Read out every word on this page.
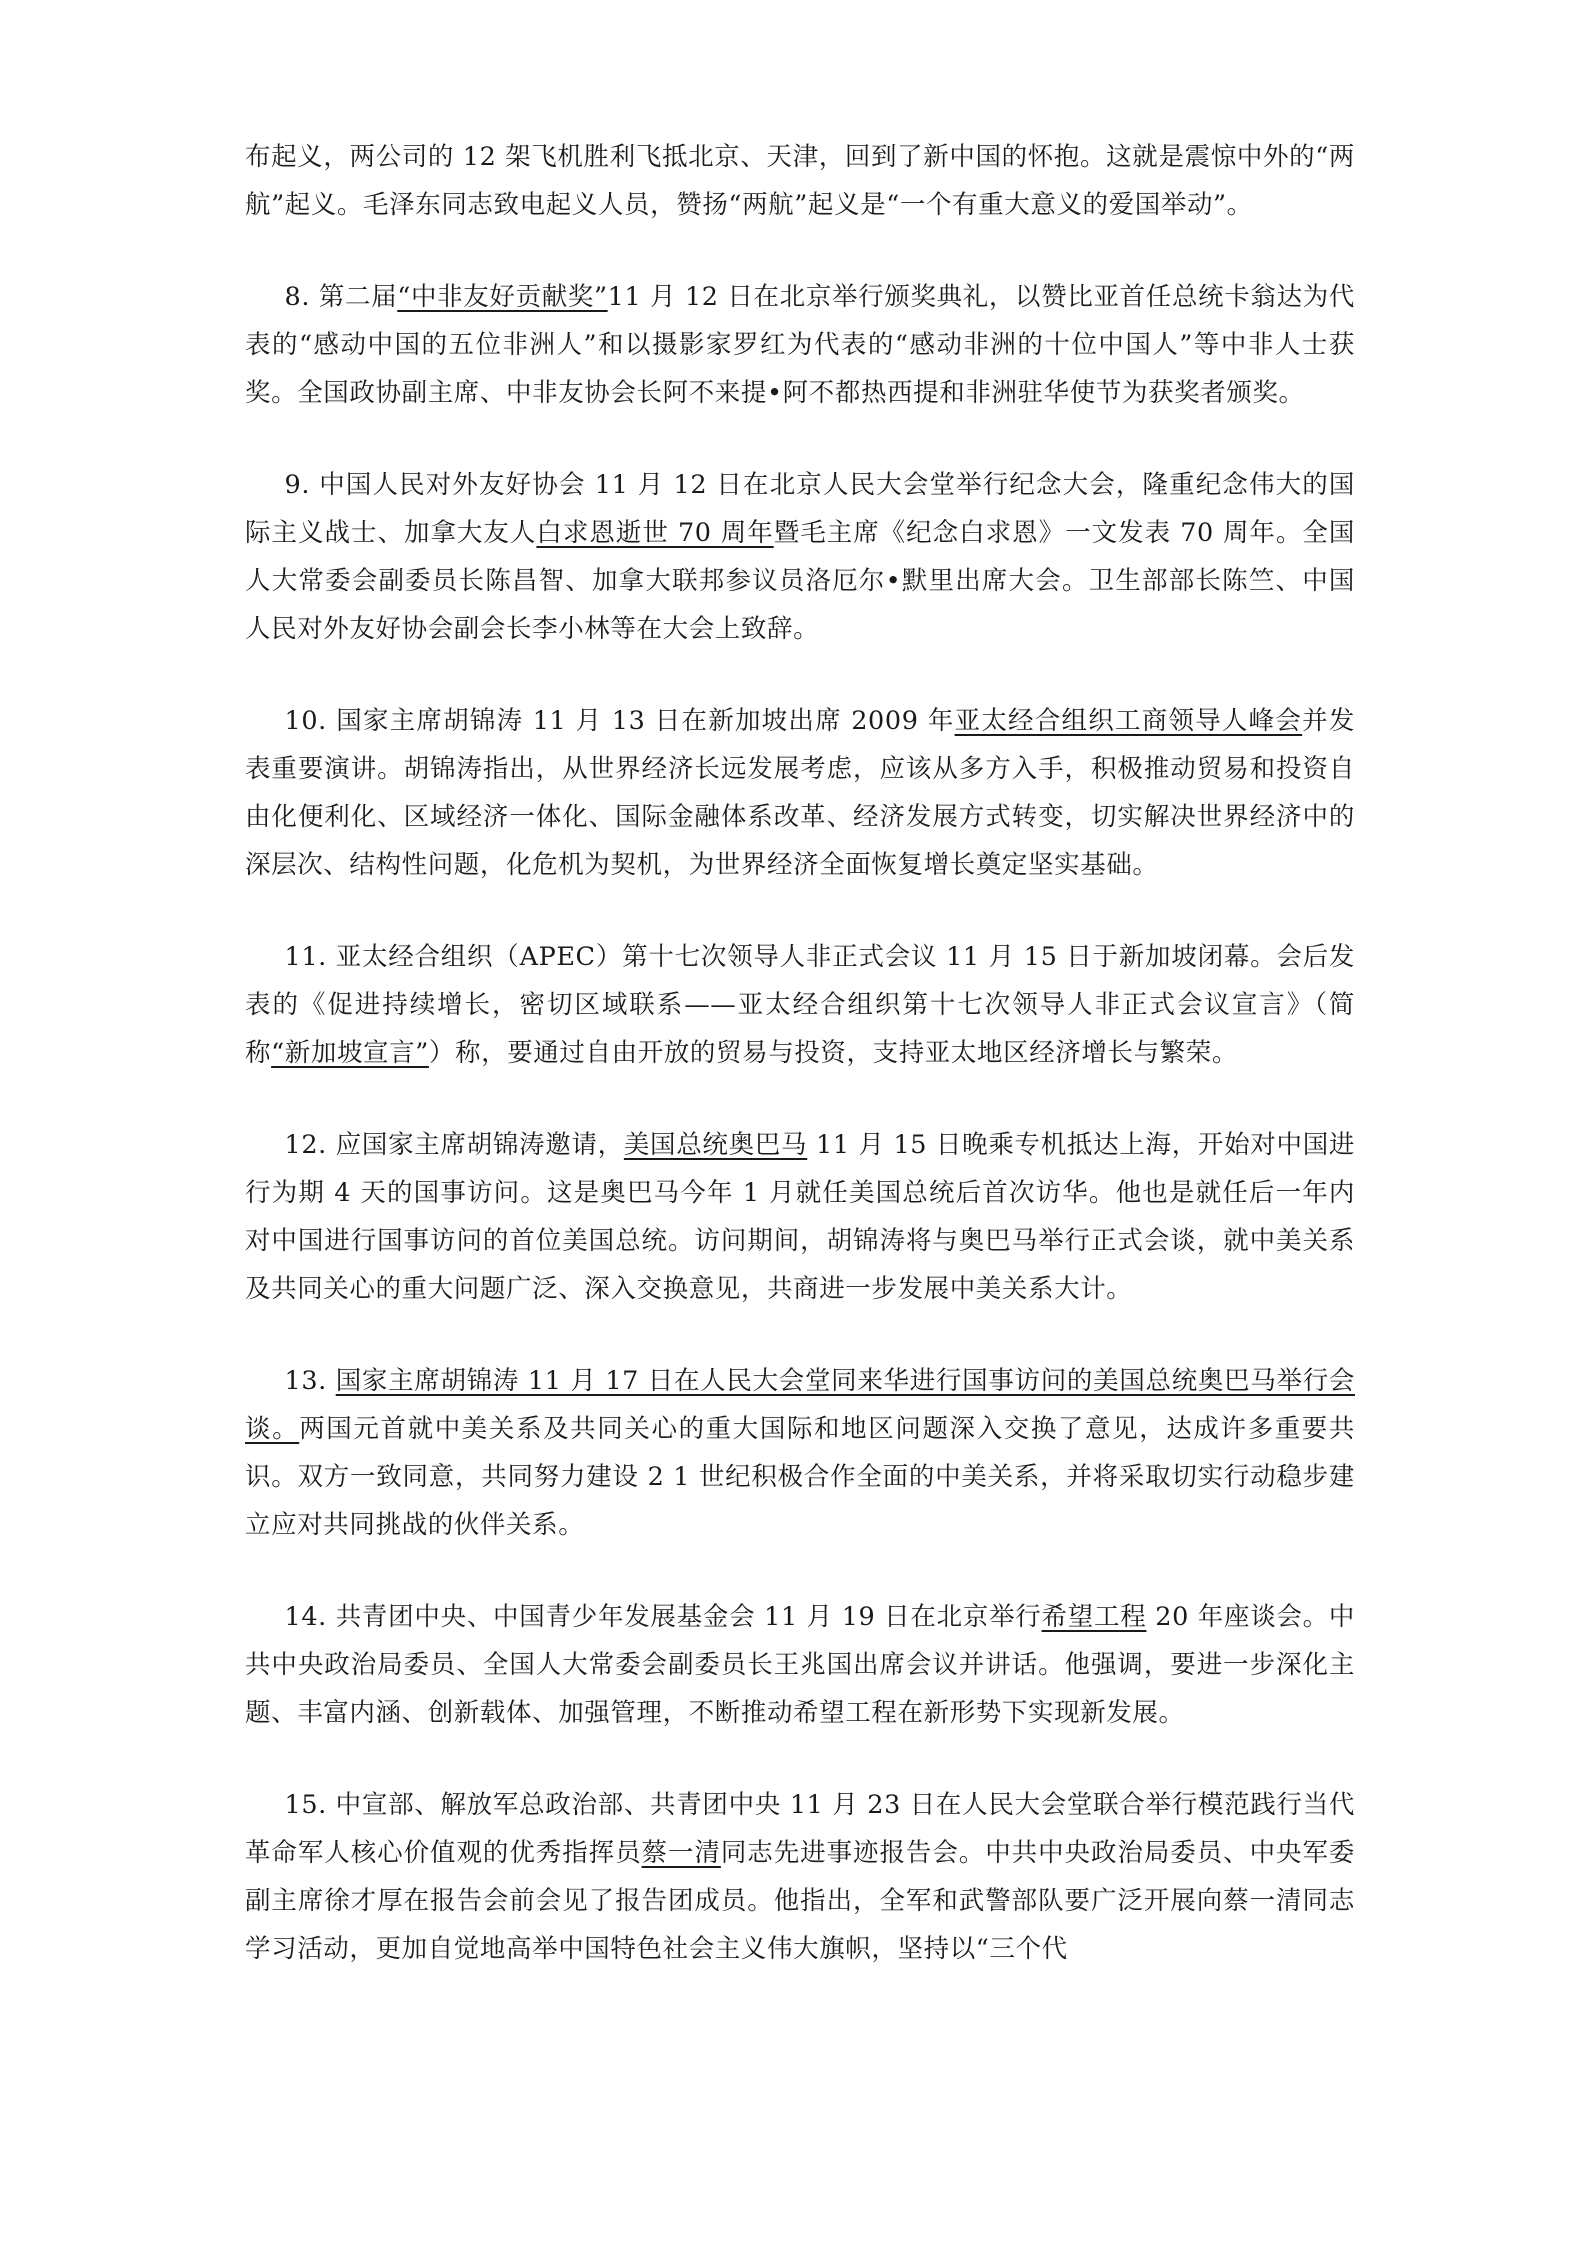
布起义，两公司的 12 架飞机胜利飞抵北京、天津，回到了新中国的怀抱。这就是震惊中外的“两航”起义。毛泽东同志致电起义人员，赞扬“两航”起义是“一个有重大意义的爱国举动”。

8. 第二届“中非友好贡献奖”11 月 12 日在北京举行颁奖典礼，以赞比亚首任总统卡翁达为代表的“感动中国的五位非洲人”和以摄影家罗红为代表的“感动非洲的十位中国人”等中非人士获奖。全国政协副主席、中非友协会长阿不来提•阿不都热西提和非洲驻华使节为获奖者颁奖。

9. 中国人民对外友好协会 11 月 12 日在北京人民大会堂举行纪念大会，隆重纪念伟大的国际主义战士、加拿大友人白求恩逝世 70 周年暨毛主席《纪念白求恩》一文发表 70 周年。全国人大常委会副委员长陈昌智、加拿大联邦参议员洛厄尔•默里出席大会。卫生部部长陈竺、中国人民对外友好协会副会长李小林等在大会上致辞。

10. 国家主席胡锦涛 11 月 13 日在新加坡出席 2009 年亚太经合组织工商领导人峰会并发表重要演讲。胡锦涛指出，从世界经济长远发展考虑，应该从多方入手，积极推动贸易和投资自由化便利化、区域经济一体化、国际金融体系改革、经济发展方式转变，切实解决世界经济中的深层次、结构性问题，化危机为契机，为世界经济全面恢复增长奠定坚实基础。

11. 亚太经合组织（APEC）第十七次领导人非正式会议 11 月 15 日于新加坡闭幕。会后发表的《促进持续增长，密切区域联系——亚太经合组织第十七次领导人非正式会议宣言》（简称“新加坡宣言”）称，要通过自由开放的贸易与投资，支持亚太地区经济增长与繁荣。

12. 应国家主席胡锦涛邀请，美国总统奥巴马 11 月 15 日晚乘专机抵达上海，开始对中国进行为期 4 天的国事访问。这是奥巴马今年 1 月就任美国总统后首次访华。他也是就任后一年内对中国进行国事访问的首位美国总统。访问期间，胡锦涛将与奥巴马举行正式会谈，就中美关系及共同关心的重大问题广泛、深入交换意见，共商进一步发展中美关系大计。

13. 国家主席胡锦涛 11 月 17 日在人民大会堂同来华进行国事访问的美国总统奥巴马举行会谈。两国元首就中美关系及共同关心的重大国际和地区问题深入交换了意见，达成许多重要共识。双方一致同意，共同努力建设 2 1 世纪积极合作全面的中美关系，并将采取切实行动稳步建立应对共同挑战的伙伴关系。

14. 共青团中央、中国青少年发展基金会 11 月 19 日在北京举行希望工程 20 年座谈会。中共中央政治局委员、全国人大常委会副委员长王兆国出席会议并讲话。他强调，要进一步深化主题、丰富内涵、创新载体、加强管理，不断推动希望工程在新形势下实现新发展。

15. 中宣部、解放军总政治部、共青团中央 11 月 23 日在人民大会堂联合举行模范践行当代革命军人核心价值观的优秀指挥员蔡一清同志先进事迹报告会。中共中央政治局委员、中央军委副主席徐才厚在报告会前会见了报告团成员。他指出，全军和武警部队要广泛开展向蔡一清同志学习活动，更加自觉地高举中国特色社会主义伟大旗帜，坚持以“三个代
